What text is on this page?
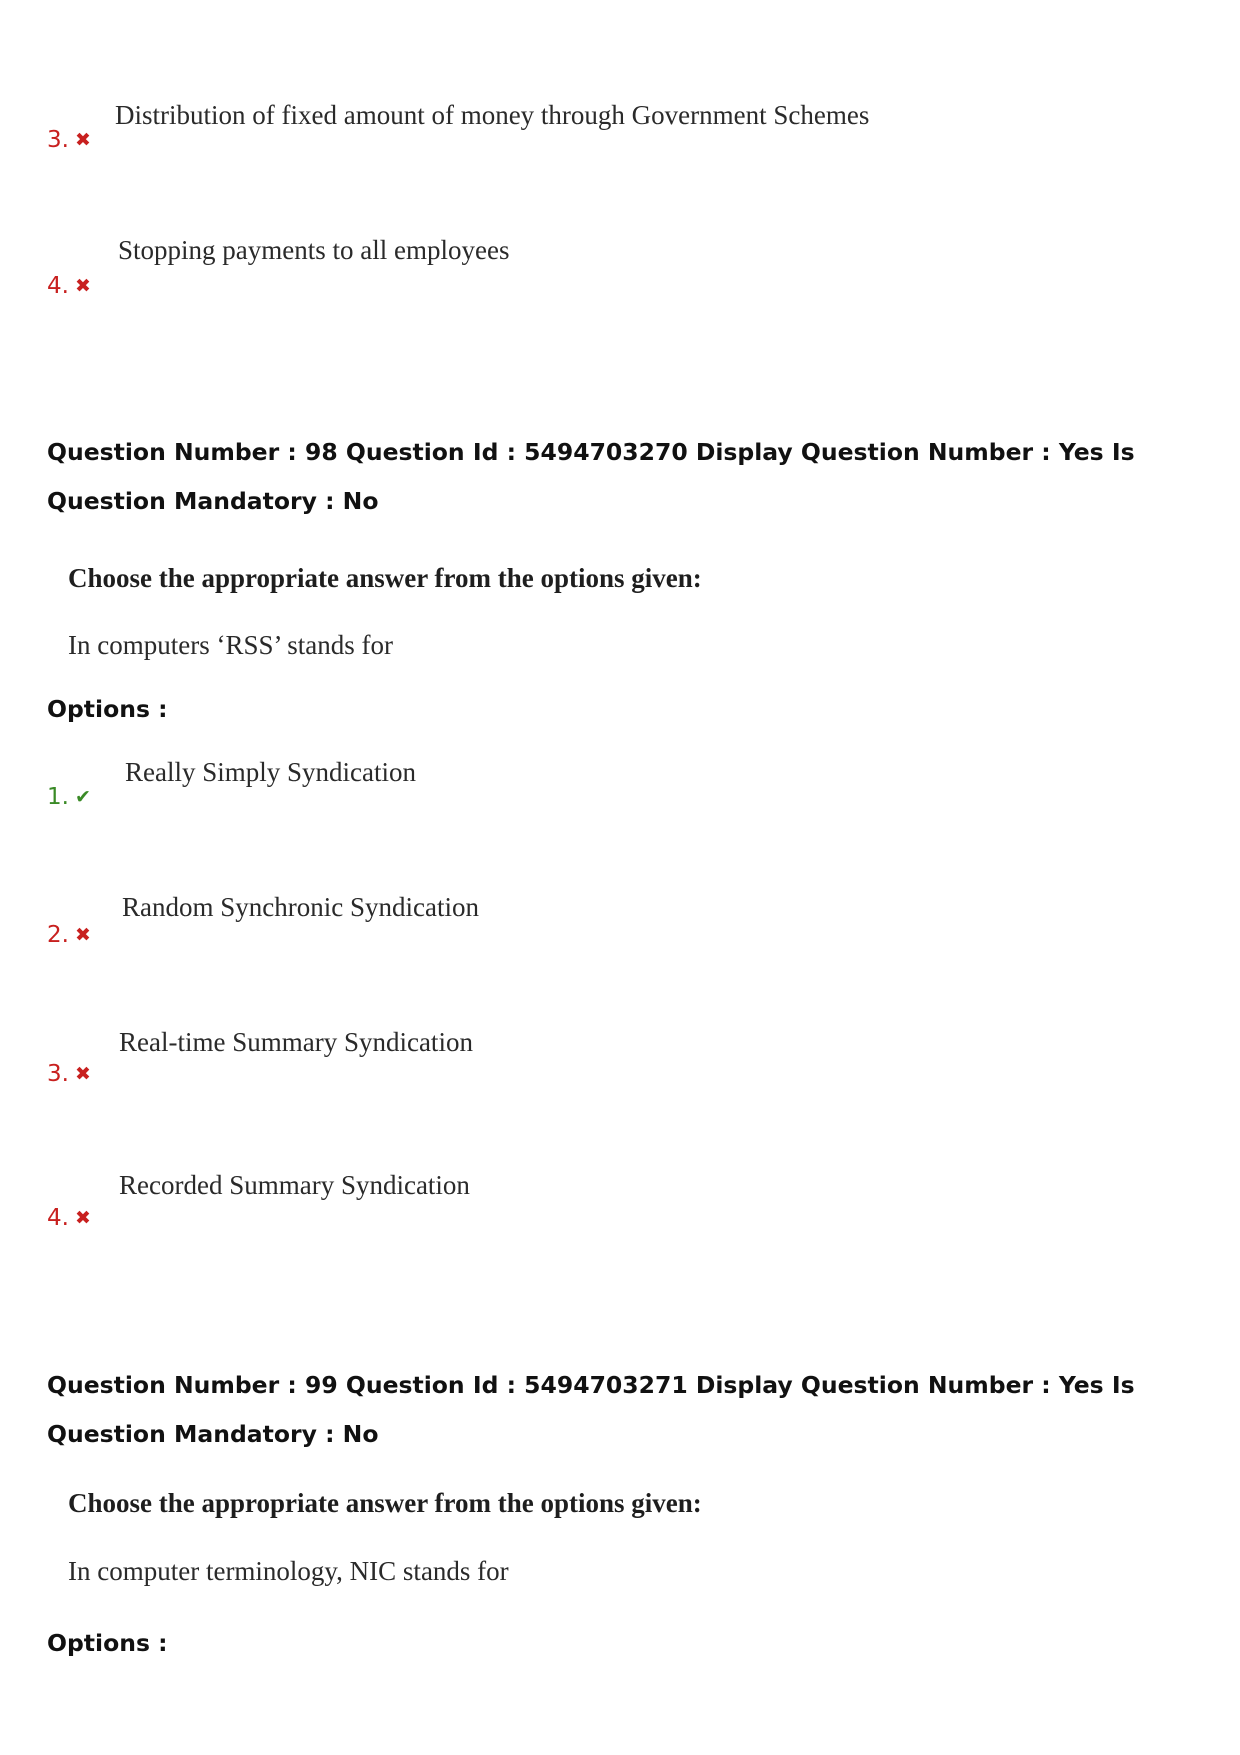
3. ✖
Distribution of fixed amount of money through Government Schemes
4. ✖
Stopping payments to all employees
Question Number : 98 Question Id : 5494703270 Display Question Number : Yes Is Question Mandatory : No
Choose the appropriate answer from the options given:
In computers ‘RSS’ stands for
Options :
1. ✔
Really Simply Syndication
2. ✖
Random Synchronic Syndication
3. ✖
Real-time Summary Syndication
4. ✖
Recorded Summary Syndication
Question Number : 99 Question Id : 5494703271 Display Question Number : Yes Is Question Mandatory : No
Choose the appropriate answer from the options given:
In computer terminology, NIC stands for
Options :
